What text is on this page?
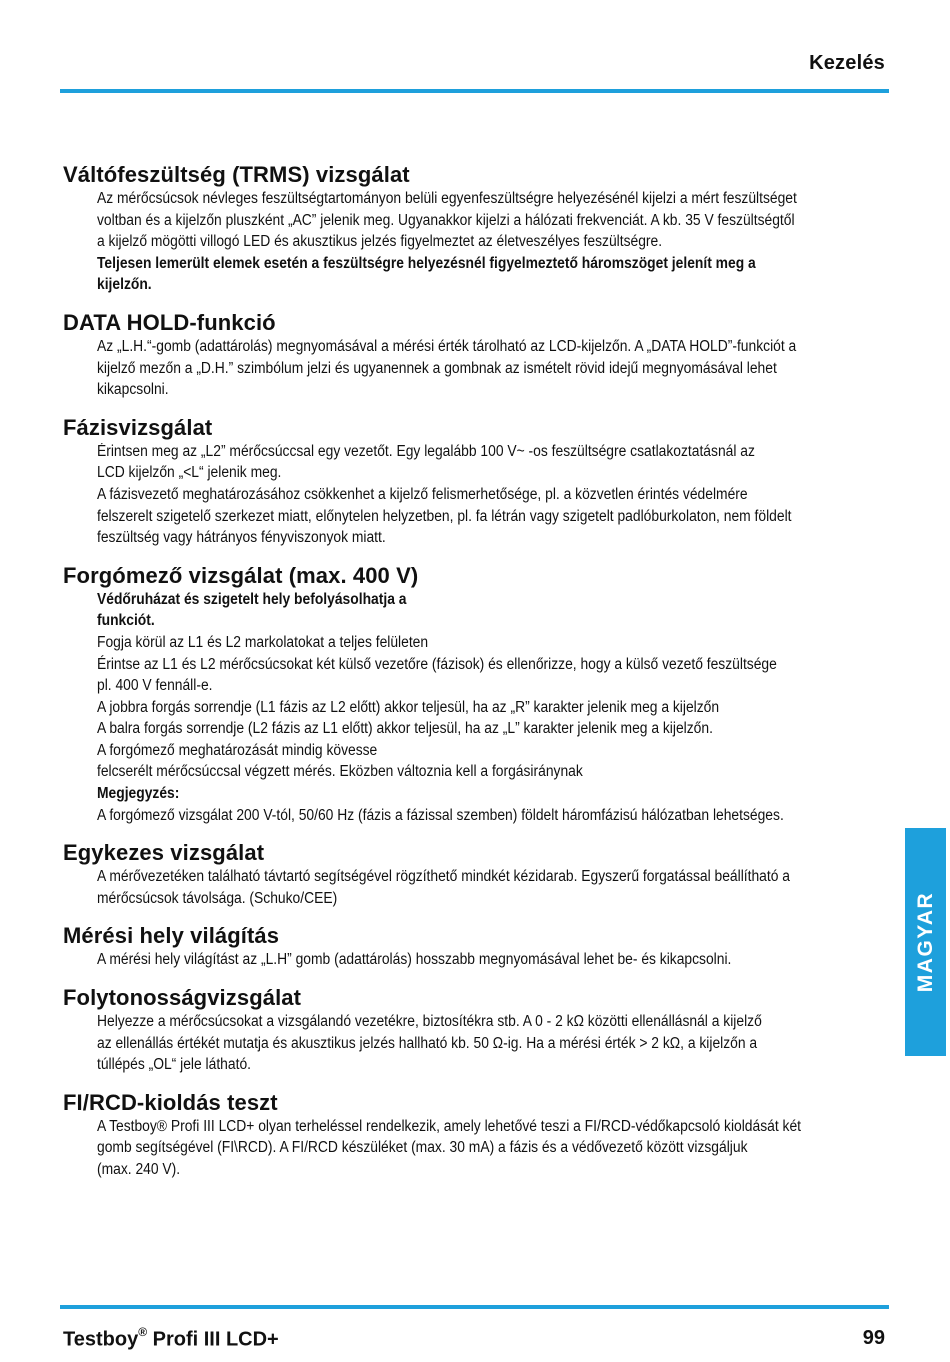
Kezelés
Váltófeszültség (TRMS) vizsgálat

Az mérőcsúcsok névleges feszültségtartományon belüli egyenfeszültségre helyezésénél kijelzi a mért feszültséget

voltban és a kijelzőn pluszként „AC” jelenik meg. Ugyanakkor kijelzi a hálózati frekvenciát. A kb. 35 V feszültségtől

a kijelző mögötti villogó LED és akusztikus jelzés figyelmeztet az életveszélyes feszültségre.

Teljesen lemerült elemek esetén a feszültségre helyezésnél figyelmeztető háromszöget jelenít meg a

kijelzőn.

DATA HOLD-funkció

Az „L.H.“-gomb (adattárolás) megnyomásával a mérési érték tárolható az LCD-kijelzőn. A „DATA HOLD”-funkciót a

kijelző mezőn a „D.H.” szimbólum jelzi és ugyanennek a gombnak az ismételt rövid idejű megnyomásával lehet

kikapcsolni.

Fázisvizsgálat

Érintsen meg az „L2” mérőcsúccsal egy vezetőt. Egy legalább 100 V~ -os feszültségre csatlakoztatásnál az

LCD kijelzőn „<L“ jelenik meg.

A fázisvezető meghatározásához csökkenhet a kijelző felismerhetősége, pl. a közvetlen érintés védelmére

felszerelt szigetelő szerkezet miatt, előnytelen helyzetben, pl. fa létrán vagy szigetelt padlóburkolaton, nem földelt

feszültség vagy hátrányos fényviszonyok miatt.

Forgómező vizsgálat (max. 400 V)

Védőruházat és szigetelt hely befolyásolhatja a

funkciót.

Fogja körül az L1 és L2 markolatokat a teljes felületen

Érintse az L1 és L2 mérőcsúcsokat két külső vezetőre (fázisok) és ellenőrizze, hogy a külső vezető feszültsége

pl. 400 V fennáll-e.

A jobbra forgás sorrendje (L1 fázis az L2 előtt) akkor teljesül, ha az „R” karakter jelenik meg a kijelzőn

A balra forgás sorrendje (L2 fázis az L1 előtt) akkor teljesül, ha az „L” karakter jelenik meg a kijelzőn.

A forgómező meghatározását mindig kövesse

felcserélt mérőcsúccsal végzett mérés. Eközben változnia kell a forgásiránynak

Megjegyzés:

A forgómező vizsgálat 200 V-tól, 50/60 Hz (fázis a fázissal szemben) földelt háromfázisú hálózatban lehetséges.

Egykezes vizsgálat

A mérővezetéken található távtartó segítségével rögzíthető mindkét kézidarab. Egyszerű forgatással beállítható a

mérőcsúcsok távolsága. (Schuko/CEE)

Mérési hely világítás

A mérési hely világítást az „L.H” gomb (adattárolás) hosszabb megnyomásával lehet be- és kikapcsolni.

Folytonosságvizsgálat

Helyezze a mérőcsúcsokat a vizsgálandó vezetékre, biztosítékra stb. A 0 - 2 kΩ közötti ellenállásnál a kijelző

az ellenállás értékét mutatja és akusztikus jelzés hallható kb. 50 Ω-ig. Ha a mérési érték > 2 kΩ, a kijelzőn a

túllépés „OL“ jele látható.

FI/RCD-kioldás teszt

A Testboy® Profi III LCD+ olyan terheléssel rendelkezik, amely lehetővé teszi a FI/RCD-védőkapcsoló kioldását két

gomb segítségével (FI\RCD). A FI/RCD készüléket (max. 30 mA) a fázis és a védővezető között vizsgáljuk

(max. 240 V).

MAGYAR
Testboy® Profi III LCD+	99
